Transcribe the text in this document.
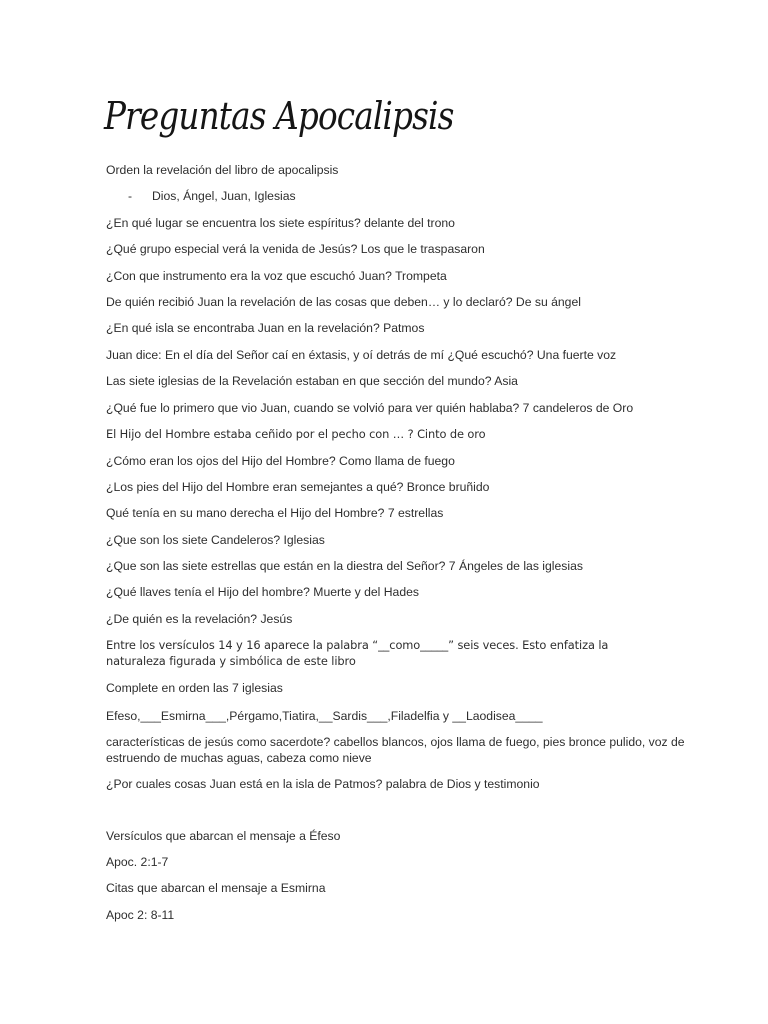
Preguntas Apocalipsis
Orden la revelación del libro de apocalipsis
- Dios, Ángel, Juan, Iglesias
¿En qué lugar se encuentra los siete espíritus? delante del trono
¿Qué grupo especial verá la venida de Jesús? Los que le traspasaron
¿Con que instrumento era la voz que escuchó Juan? Trompeta
De quién recibió Juan la revelación de las cosas que deben… y lo declaró? De su ángel
¿En qué isla se encontraba Juan en la revelación? Patmos
Juan dice: En el día del Señor caí en éxtasis, y oí detrás de mí ¿Qué escuchó? Una fuerte voz
Las siete iglesias de la Revelación estaban en que sección del mundo? Asia
¿Qué fue lo primero que vio Juan, cuando se volvió para ver quién hablaba? 7 candeleros de Oro
El Hijo del Hombre estaba ceñido por el pecho con … ? Cinto de oro
¿Cómo eran los ojos del Hijo del Hombre? Como llama de fuego
¿Los pies del Hijo del Hombre eran semejantes a qué? Bronce bruñido
Qué tenía en su mano derecha el Hijo del Hombre? 7 estrellas
¿Que son los siete Candeleros? Iglesias
¿Que son las siete estrellas que están en la diestra del Señor? 7 Ángeles de las iglesias
¿Qué llaves tenía el Hijo del hombre? Muerte y del Hades
¿De quién es la revelación? Jesús
Entre los versículos 14 y 16 aparece la palabra “__como_____” seis veces. Esto enfatiza la naturaleza figurada y simbólica de este libro
Complete en orden las 7 iglesias
Efeso,___Esmirna___,Pérgamo,Tiatira,__Sardis___,Filadelfia y __Laodisea____
características de jesús como sacerdote? cabellos blancos, ojos llama de fuego, pies bronce pulido, voz de estruendo de muchas aguas, cabeza como nieve
¿Por cuales cosas Juan está en la isla de Patmos? palabra de Dios y testimonio
Versículos que abarcan el mensaje a Éfeso
Apoc. 2:1-7
Citas que abarcan el mensaje a Esmirna
Apoc 2: 8-11
